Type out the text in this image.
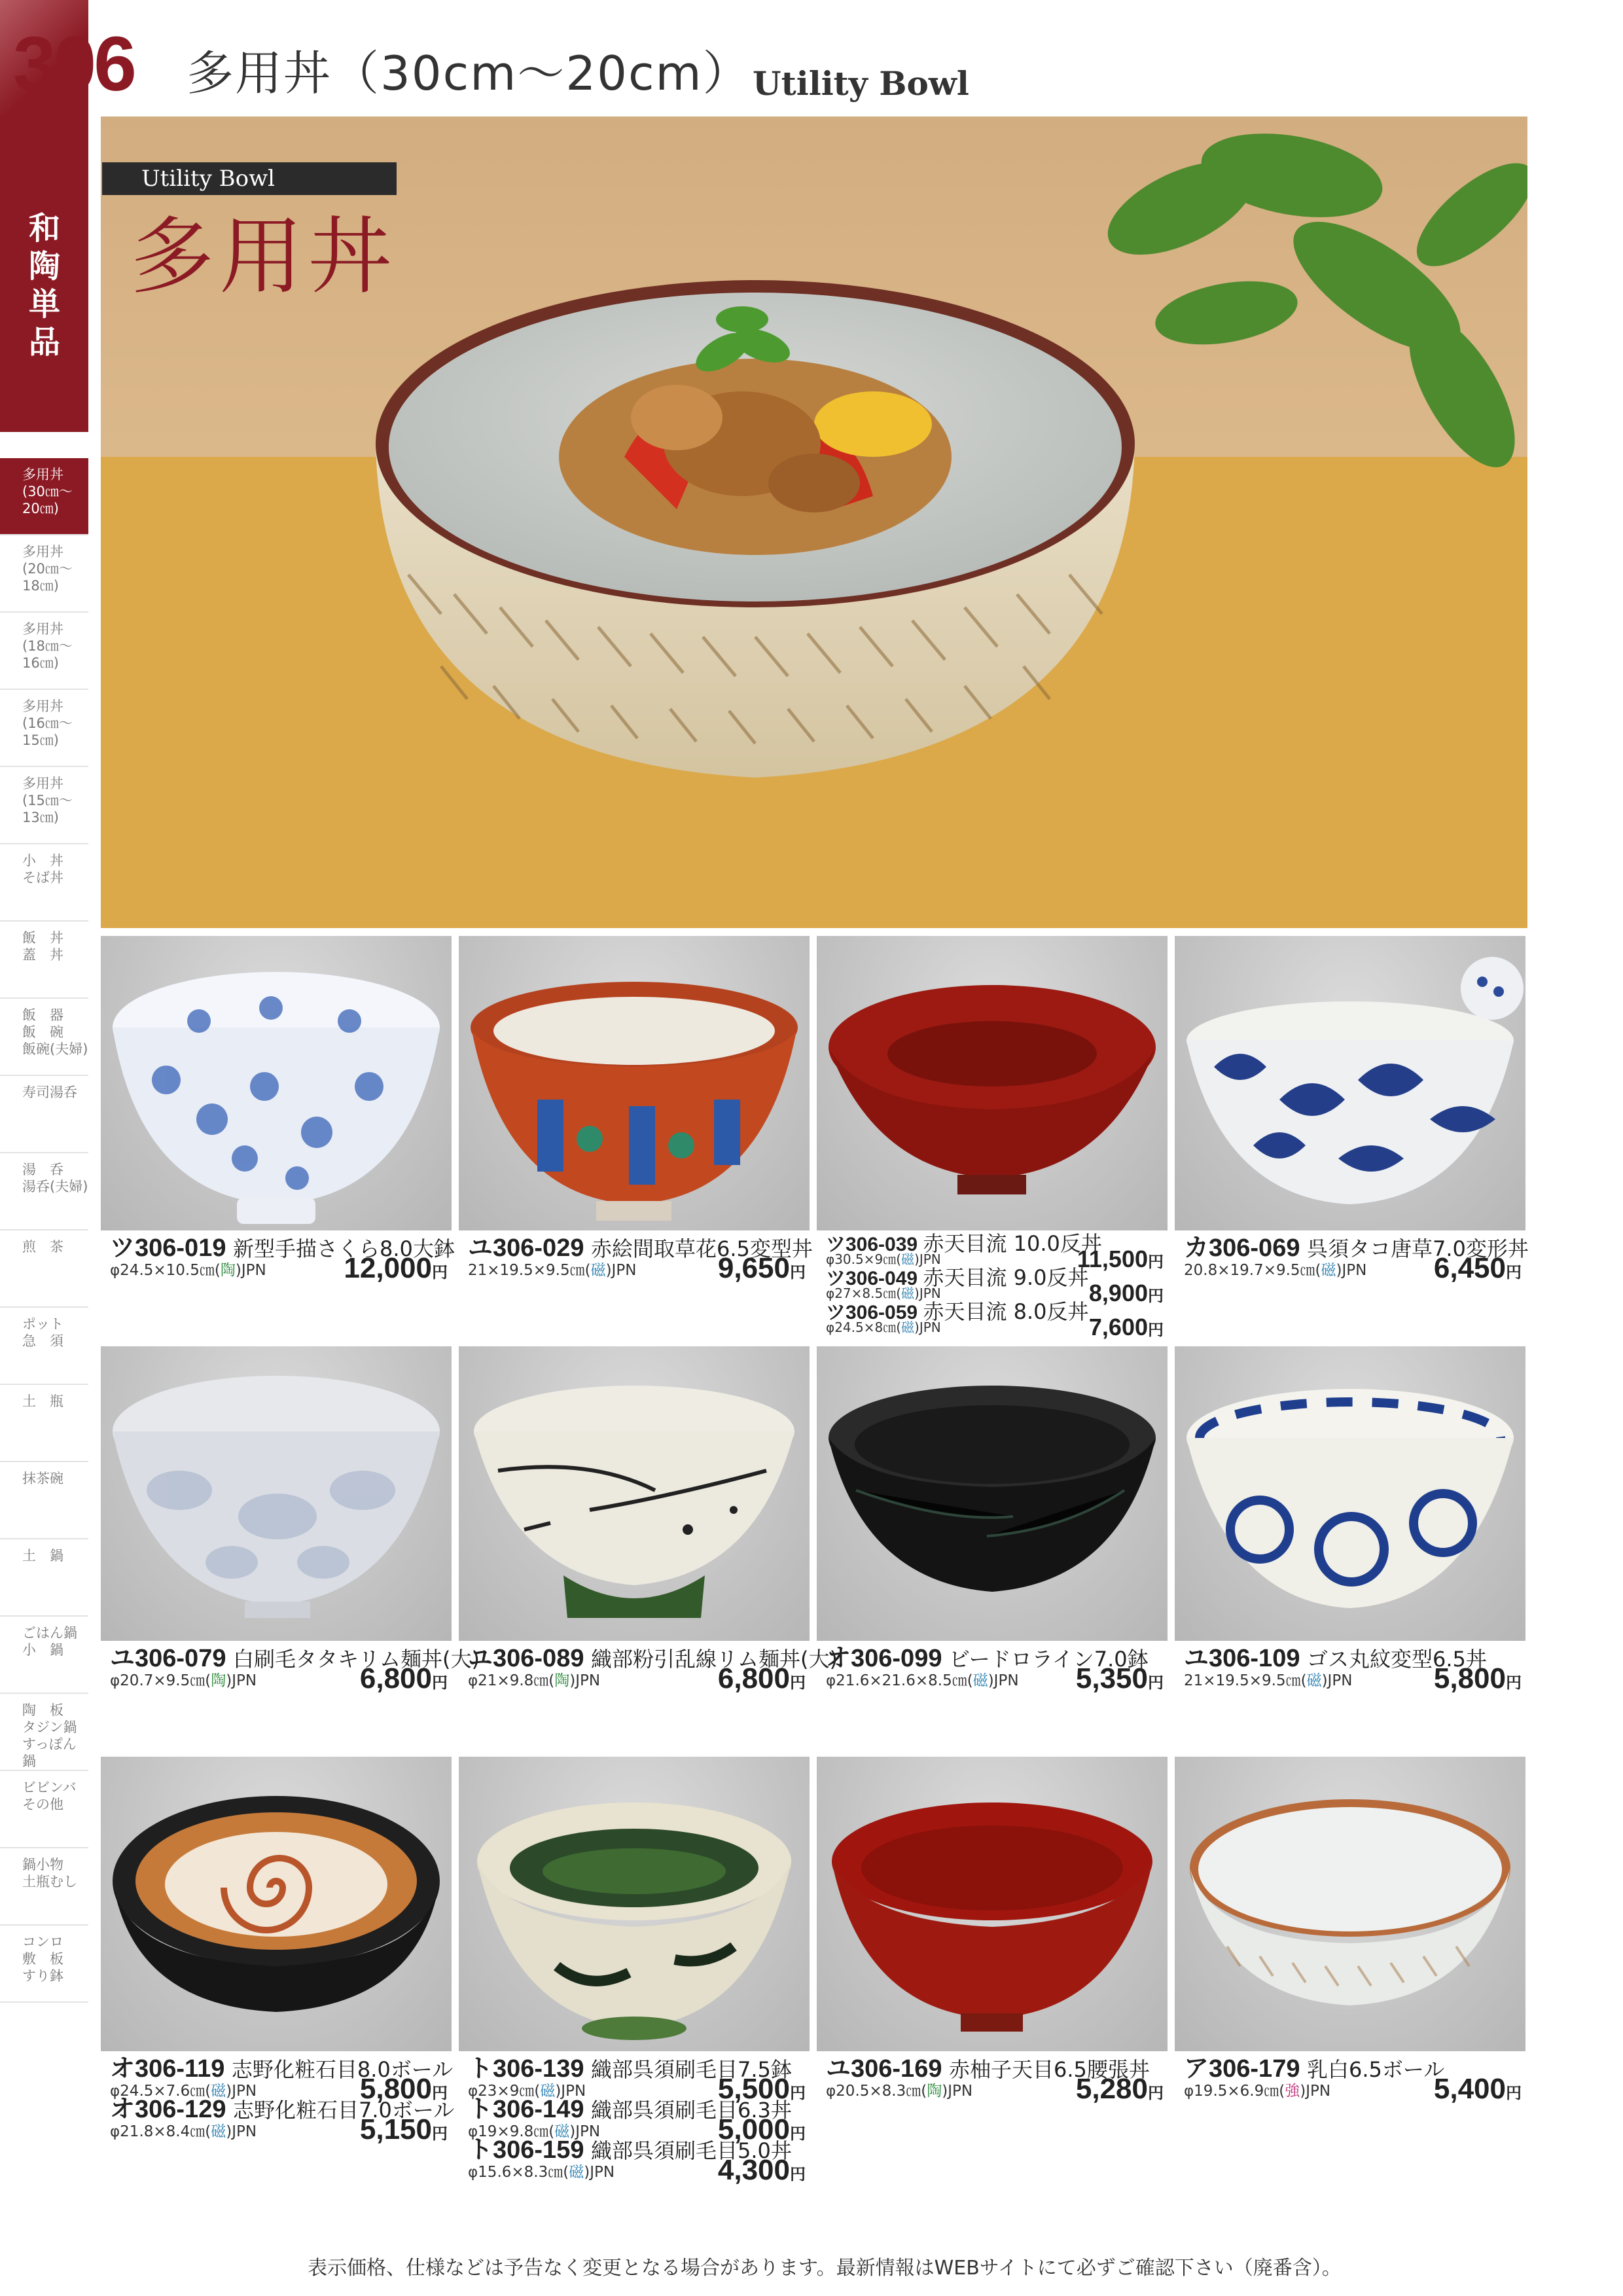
306	多用丼（30cm〜20cm） Utility Bowl
和陶単品
多用丼
(30㎝〜
20㎝)
多用丼
(20㎝〜
18㎝)
多用丼
(18㎝〜
16㎝)
多用丼
(16㎝〜
15㎝)
多用丼
(15㎝〜
13㎝)
小　丼
そば丼
飯　丼
蓋　丼
飯　器
飯　碗
飯碗(夫婦)
寿司湯呑
湯　呑
湯呑(夫婦)
煎　茶
ポット
急　須
土　瓶
抹茶碗
土　鍋
ごはん鍋
小　鍋
陶　板
タジン鍋
すっぽん鍋
ビビンバ
その他
鍋小物
土瓶むし
コンロ
敷　板
すり鉢
Utility Bowl
多用丼
ツ306-019 新型手描さくら8.0大鉢
φ24.5×10.5㎝(陶)JPN	12,000円
ユ306-029 赤絵間取草花6.5変型丼
21×19.5×9.5㎝(磁)JPN	9,650円
ツ306-039 赤天目流 10.0反丼
φ30.5×9㎝(磁)JPN	11,500円
ツ306-049 赤天目流 9.0反丼
φ27×8.5㎝(磁)JPN	8,900円
ツ306-059 赤天目流 8.0反丼
φ24.5×8㎝(磁)JPN	7,600円
カ306-069 呉須タコ唐草7.0変形丼
20.8×19.7×9.5㎝(磁)JPN	6,450円
ユ306-079 白刷毛タタキリム麺丼(大)
φ20.7×9.5㎝(陶)JPN	6,800円
ユ306-089 織部粉引乱線リム麺丼(大)
φ21×9.8㎝(陶)JPN	6,800円
オ306-099 ビードロライン7.0鉢
φ21.6×21.6×8.5㎝(磁)JPN	5,350円
ユ306-109 ゴス丸紋変型6.5丼
21×19.5×9.5㎝(磁)JPN	5,800円
オ306-119 志野化粧石目8.0ボール
φ24.5×7.6㎝(磁)JPN	5,800円
オ306-129 志野化粧石目7.0ボール
φ21.8×8.4㎝(磁)JPN	5,150円
ト306-139 織部呉須刷毛目7.5鉢
φ23×9㎝(磁)JPN	5,500円
ト306-149 織部呉須刷毛目6.3丼
φ19×9.8㎝(磁)JPN	5,000円
ト306-159 織部呉須刷毛目5.0丼
φ15.6×8.3㎝(磁)JPN	4,300円
ユ306-169 赤柚子天目6.5腰張丼
φ20.5×8.3㎝(陶)JPN	5,280円
ア306-179 乳白6.5ボール
φ19.5×6.9㎝(強)JPN	5,400円
表示価格、仕様などは予告なく変更となる場合があります。最新情報はWEBサイトにて必ずご確認下さい（廃番含）。
